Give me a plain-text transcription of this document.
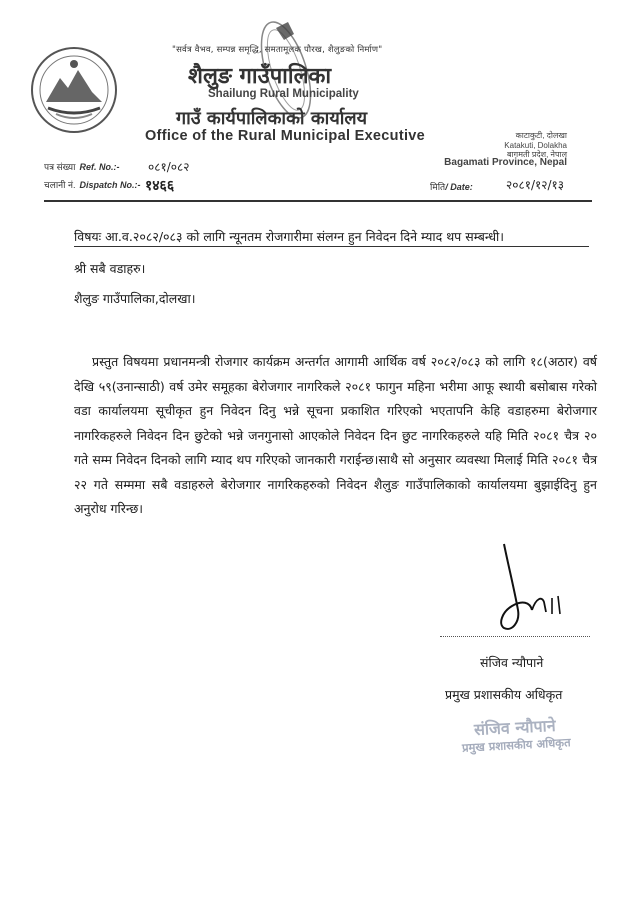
"सर्वत्र वैभव, सम्पन्न समृद्धि, समतामूलक पौरख, शैलुङको निर्माण"
शैलुङ गाउँपालिका
Shailung Rural Municipality
गाउँ कार्यपालिकाको कार्यालय
Office of the Rural Municipal Executive	काटाकुटी, दोलखा
Katakuti, Dolakha
बागमती प्रदेश, नेपाल
Bagamati Province, Nepal
पत्र संख्या Ref. No.:- ०८१/०८२
चलानी नं. Dispatch No.:- १४६६	मिति/ Date:	२०८१/१२/१३
विषयः आ.व.२०८२/०८३ को लागि न्यूनतम रोजगारीमा संलग्न हुन निवेदन दिने म्याद थप सम्बन्धी।
श्री सबै वडाहरु।
शैलुङ गाउँपालिका,दोलखा।
प्रस्तुत विषयमा प्रधानमन्त्री रोजगार कार्यक्रम अन्तर्गत आगामी आर्थिक वर्ष २०८२/०८३ को लागि १८(अठार) वर्ष देखि ५९(उनान्साठी) वर्ष उमेर समूहका बेरोजगार नागरिकले २०८१ फागुन महिना भरीमा आफू स्थायी बसोबास गरेको वडा कार्यालयमा सूचीकृत हुन निवेदन दिनु भन्ने सूचना प्रकाशित गरिएको भएतापनि केहि वडाहरुमा बेरोजगार नागरिकहरुले निवेदन दिन छुटेको भन्ने जनगुनासो आएकोले निवेदन दिन छुट नागरिकहरुले यहि मिति २०८१ चैत्र २० गते सम्म निवेदन दिनको लागि म्याद थप गरिएको जानकारी गराईन्छ।साथै सो अनुसार व्यवस्था मिलाई मिति २०८१ चैत्र २२ गते सम्ममा सबै वडाहरुले बेरोजगार नागरिकहरुको निवेदन शैलुङ गाउँपालिकाको कार्यालयमा बुझाईदिनु हुन अनुरोध गरिन्छ।
संजिव न्यौपाने
प्रमुख प्रशासकीय अधिकृत
संजिव न्यौपाने
प्रमुख प्रशासकीय अधिकृत
